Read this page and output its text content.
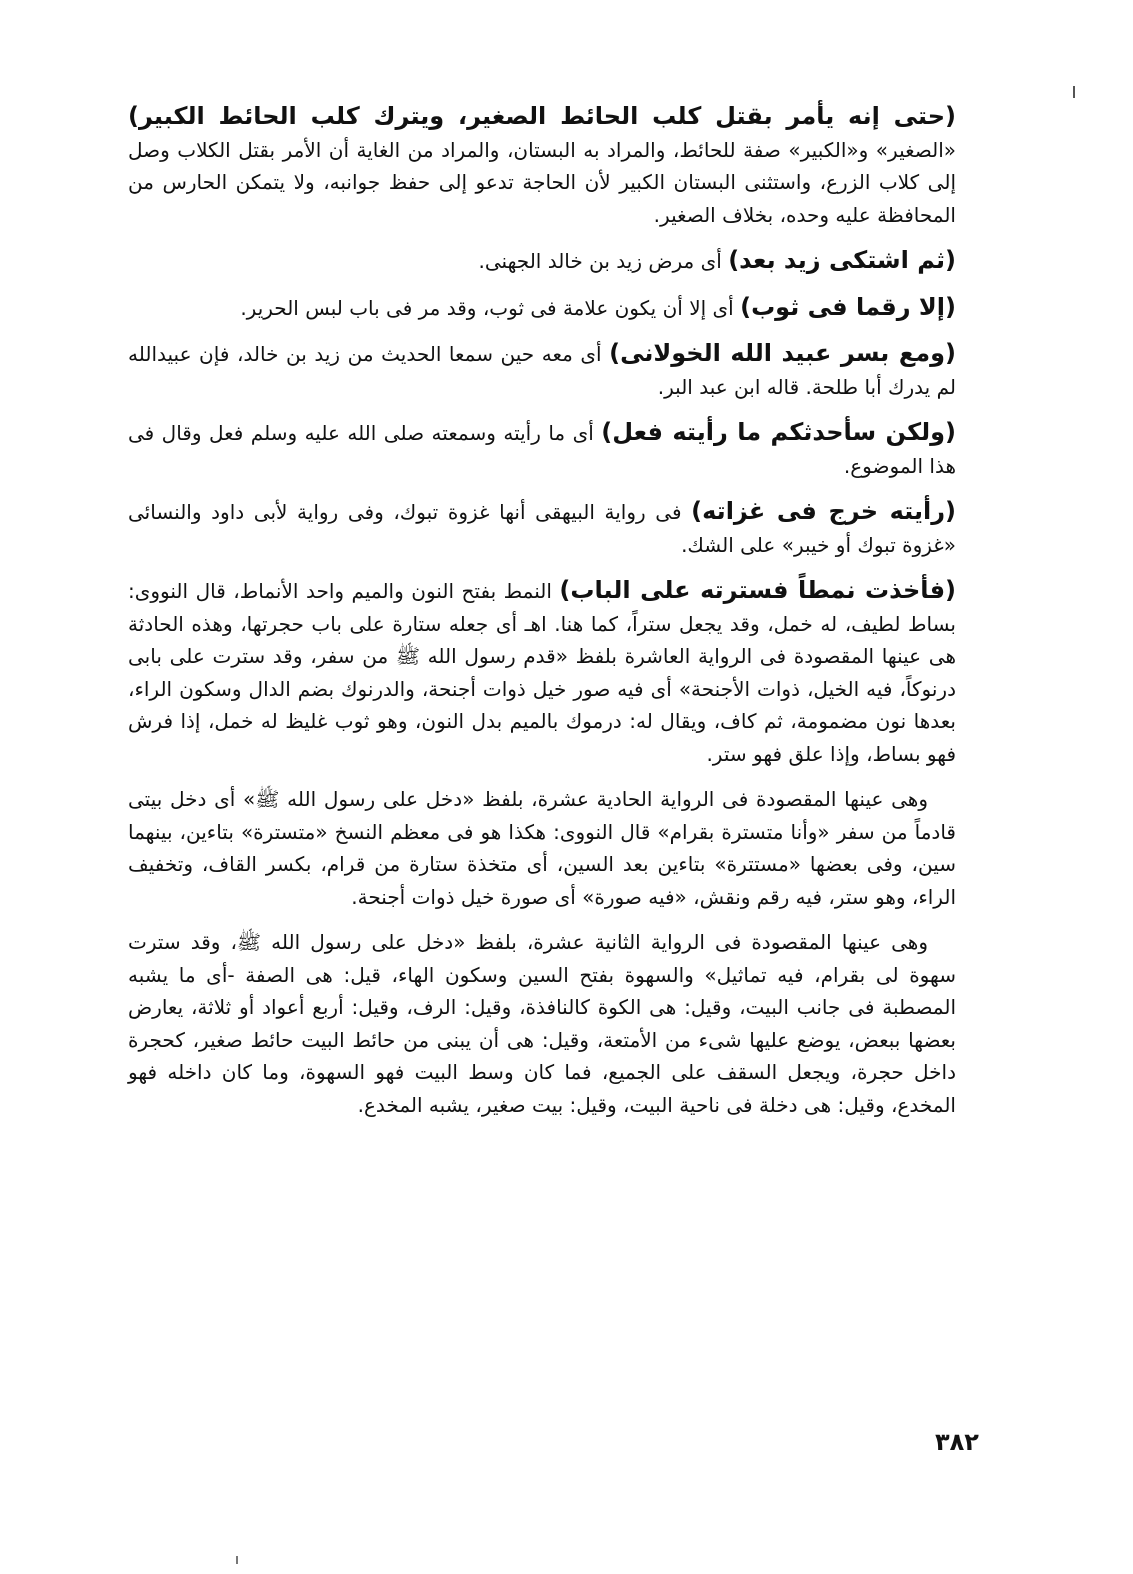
(حتى إنه يأمر بقتل كلب الحائط الصغير، ويترك كلب الحائط الكبير) «الصغير» و«الكبير» صفة للحائط، والمراد به البستان، والمراد من الغاية أن الأمر بقتل الكلاب وصل إلى كلاب الزرع، واستثنى البستان الكبير لأن الحاجة تدعو إلى حفظ جوانبه، ولا يتمكن الحارس من المحافظة عليه وحده، بخلاف الصغير.

(ثم اشتكى زيد بعد) أى مرض زيد بن خالد الجهنى.

(إلا رقما فى ثوب) أى إلا أن يكون علامة فى ثوب، وقد مر فى باب لبس الحرير.

(ومع بسر عبيد الله الخولانى) أى معه حين سمعا الحديث من زيد بن خالد، فإن عبيدالله لم يدرك أبا طلحة. قاله ابن عبد البر.

(ولكن سأحدثكم ما رأيته فعل) أى ما رأيته وسمعته صلى الله عليه وسلم فعل وقال فى هذا الموضوع.

(رأيته خرج فى غزاته) فى رواية البيهقى أنها غزوة تبوك، وفى رواية لأبى داود والنسائى «غزوة تبوك أو خيبر» على الشك.

(فأخذت نمطاً فسترته على الباب) النمط بفتح النون والميم واحد الأنماط، قال النووى: بساط لطيف، له خمل، وقد يجعل ستراً، كما هنا. اهـ أى جعله ستارة على باب حجرتها، وهذه الحادثة هى عينها المقصودة فى الرواية العاشرة بلفظ «قدم رسول الله ﷺ من سفر، وقد سترت على بابى درنوكاً، فيه الخيل، ذوات الأجنحة» أى فيه صور خيل ذوات أجنحة، والدرنوك بضم الدال وسكون الراء، بعدها نون مضمومة، ثم كاف، ويقال له: درموك بالميم بدل النون، وهو ثوب غليظ له خمل، إذا فرش فهو بساط، وإذا علق فهو ستر.

وهى عينها المقصودة فى الرواية الحادية عشرة، بلفظ «دخل على رسول الله ﷺ» أى دخل بيتى قادماً من سفر «وأنا متسترة بقرام» قال النووى: هكذا هو فى معظم النسخ «متسترة» بتاءين، بينهما سين، وفى بعضها «مستترة» بتاءين بعد السين، أى متخذة ستارة من قرام، بكسر القاف، وتخفيف الراء، وهو ستر، فيه رقم ونقش، «فيه صورة» أى صورة خيل ذوات أجنحة.

وهى عينها المقصودة فى الرواية الثانية عشرة، بلفظ «دخل على رسول الله ﷺ، وقد سترت سهوة لى بقرام، فيه تماثيل» والسهوة بفتح السين وسكون الهاء، قيل: هى الصفة -أى ما يشبه المصطبة فى جانب البيت، وقيل: هى الكوة كالنافذة، وقيل: الرف، وقيل: أربع أعواد أو ثلاثة، يعارض بعضها ببعض، يوضع عليها شىء من الأمتعة، وقيل: هى أن يبنى من حائط البيت حائط صغير، كحجرة داخل حجرة، ويجعل السقف على الجميع، فما كان وسط البيت فهو السهوة، وما كان داخله فهو المخدع، وقيل: هى دخلة فى ناحية البيت، وقيل: بيت صغير، يشبه المخدع.

٣٨٢
